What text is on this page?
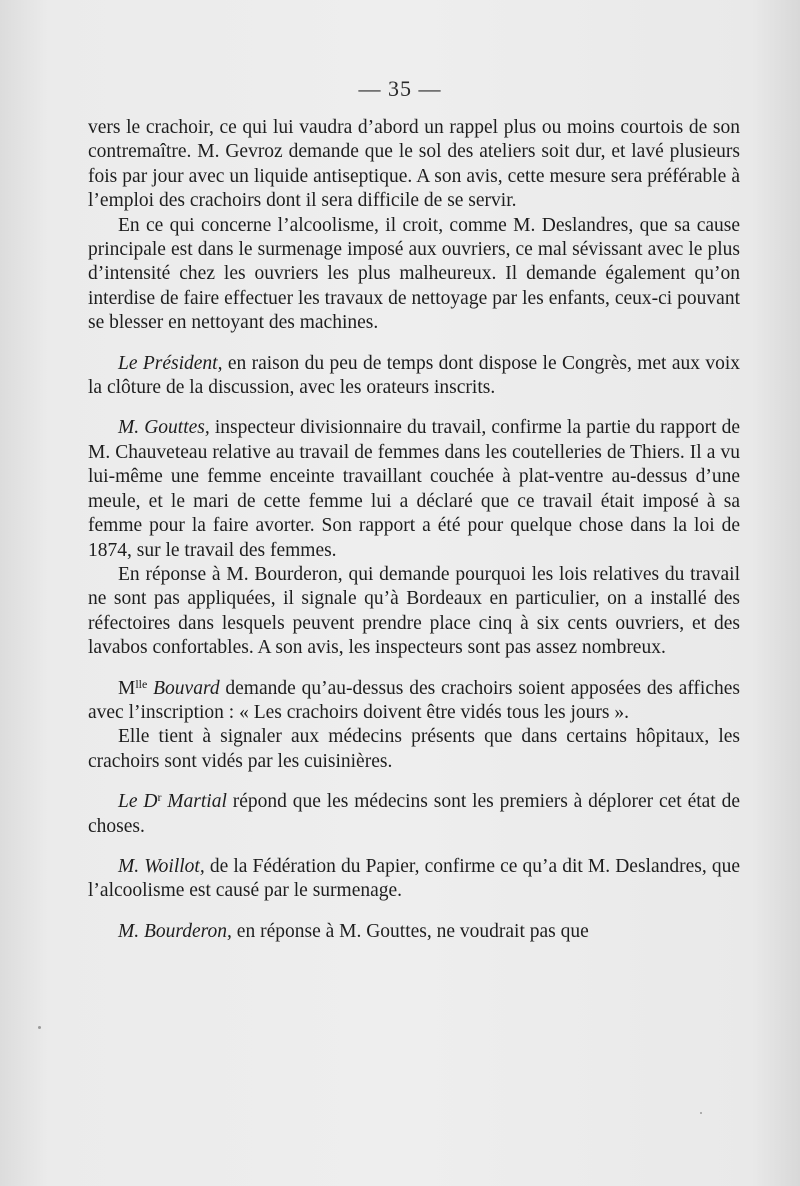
— 35 —

vers le crachoir, ce qui lui vaudra d’abord un rappel plus ou moins courtois de son contremaître. M. Gevroz demande que le sol des ateliers soit dur, et lavé plusieurs fois par jour avec un liquide antiseptique. A son avis, cette mesure sera préférable à l’emploi des crachoirs dont il sera difficile de se servir.

En ce qui concerne l’alcoolisme, il croit, comme M. Deslandres, que sa cause principale est dans le surmenage imposé aux ouvriers, ce mal sévissant avec le plus d’intensité chez les ouvriers les plus malheureux. Il demande également qu’on interdise de faire effectuer les travaux de nettoyage par les enfants, ceux-ci pouvant se blesser en nettoyant des machines.

Le Président, en raison du peu de temps dont dispose le Congrès, met aux voix la clôture de la discussion, avec les orateurs inscrits.

M. Gouttes, inspecteur divisionnaire du travail, confirme la partie du rapport de M. Chauveteau relative au travail de femmes dans les coutelleries de Thiers. Il a vu lui-même une femme enceinte travaillant couchée à plat-ventre au-dessus d’une meule, et le mari de cette femme lui a déclaré que ce travail était imposé à sa femme pour la faire avorter. Son rapport a été pour quelque chose dans la loi de 1874, sur le travail des femmes.

En réponse à M. Bourderon, qui demande pourquoi les lois relatives du travail ne sont pas appliquées, il signale qu’à Bordeaux en particulier, on a installé des réfectoires dans lesquels peuvent prendre place cinq à six cents ouvriers, et des lavabos confortables. A son avis, les inspecteurs sont pas assez nombreux.

$M^{lle}$ Bouvard demande qu’au-dessus des crachoirs soient apposées des affiches avec l’inscription : « Les crachoirs doivent être vidés tous les jours ».

Elle tient à signaler aux médecins présents que dans certains hôpitaux, les crachoirs sont vidés par les cuisinières.

Le $D^r$ Martial répond que les médecins sont les premiers à déplorer cet état de choses.

M. Woillot, de la Fédération du Papier, confirme ce qu’a dit M. Deslandres, que l’alcoolisme est causé par le surmenage.

M. Bourderon, en réponse à M. Gouttes, ne voudrait pas que
